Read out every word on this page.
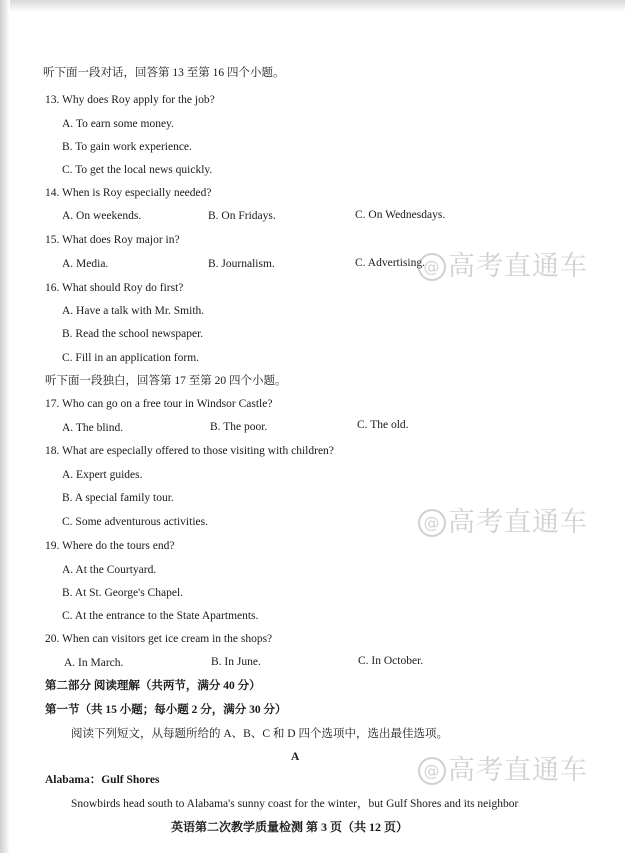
听下面一段对话，回答第 13 至第 16 四个小题。
13. Why does Roy apply for the job?
A. To earn some money.
B. To gain work experience.
C. To get the local news quickly.
14. When is Roy especially needed?
A. On weekends.	B. On Fridays.	C. On Wednesdays.
15. What does Roy major in?
A. Media.	B. Journalism.	C. Advertising.
16. What should Roy do first?
A. Have a talk with Mr. Smith.
B. Read the school newspaper.
C. Fill in an application form.
听下面一段独白，回答第 17 至第 20 四个小题。
17. Who can go on a free tour in Windsor Castle?
A. The blind.	B. The poor.	C. The old.
18. What are especially offered to those visiting with children?
A. Expert guides.
B. A special family tour.
C. Some adventurous activities.
19. Where do the tours end?
A. At the Courtyard.
B. At St. George's Chapel.
C. At the entrance to the State Apartments.
20. When can visitors get ice cream in the shops?
A. In March.	B. In June.	C. In October.
第二部分 阅读理解（共两节，满分 40 分）
第一节（共 15 小题；每小题 2 分，满分 30 分）
阅读下列短文，从每题所给的 A、B、C 和 D 四个选项中，选出最佳选项。
A
Alabama：Gulf Shores
Snowbirds head south to Alabama's sunny coast for the winter，but Gulf Shores and its neighbor
英语第二次教学质量检测 第 3 页（共 12 页）
@ 高考直通车
@ 高考直通车
@ 高考直通车
